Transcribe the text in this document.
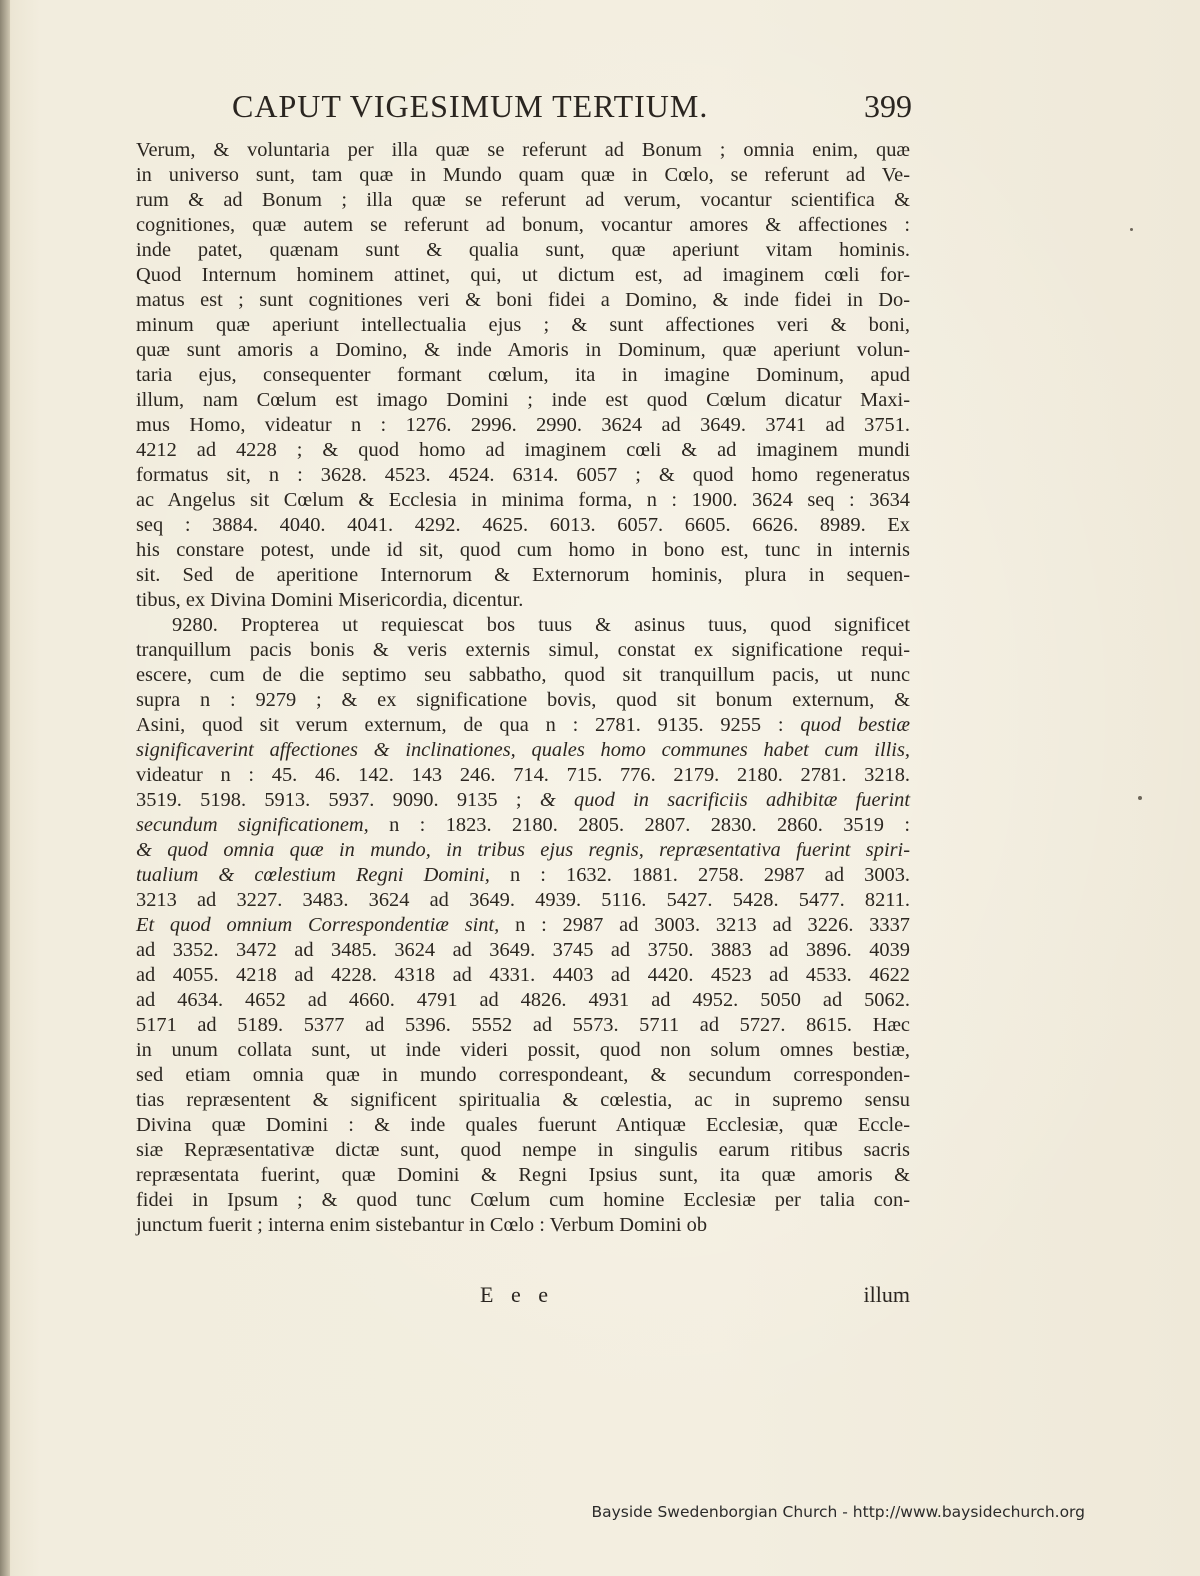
CAPUT VIGESIMUM TERTIUM.	399
Verum, & voluntaria per illa quæ se referunt ad Bonum ; omnia enim, quæ
in universo sunt, tam quæ in Mundo quam quæ in Cœlo, se referunt ad Ve-
rum & ad Bonum ; illa quæ se referunt ad verum, vocantur scientifica &
cognitiones, quæ autem se referunt ad bonum, vocantur amores & affectiones :
inde patet, quænam sunt & qualia sunt, quæ aperiunt vitam hominis.
Quod Internum hominem attinet, qui, ut dictum est, ad imaginem cœli for-
matus est ; sunt cognitiones veri & boni fidei a Domino, & inde fidei in Do-
minum quæ aperiunt intellectualia ejus ; & sunt affectiones veri & boni,
quæ sunt amoris a Domino, & inde Amoris in Dominum, quæ aperiunt volun-
taria ejus, consequenter formant cœlum, ita in imagine Dominum, apud
illum, nam Cœlum est imago Domini ; inde est quod Cœlum dicatur Maxi-
mus Homo, videatur n : 1276. 2996. 2990. 3624 ad 3649. 3741 ad 3751.
4212 ad 4228 ; & quod homo ad imaginem cœli & ad imaginem mundi
formatus sit, n : 3628. 4523. 4524. 6314. 6057 ; & quod homo regeneratus
ac Angelus sit Cœlum & Ecclesia in minima forma, n : 1900. 3624 seq : 3634
seq : 3884. 4040. 4041. 4292. 4625. 6013. 6057. 6605. 6626. 8989. Ex
his constare potest, unde id sit, quod cum homo in bono est, tunc in internis
sit. Sed de aperitione Internorum & Externorum hominis, plura in sequen-
tibus, ex Divina Domini Misericordia, dicentur.
9280. Propterea ut requiescat bos tuus & asinus tuus, quod significet
tranquillum pacis bonis & veris externis simul, constat ex significatione requi-
escere, cum de die septimo seu sabbatho, quod sit tranquillum pacis, ut nunc
supra n : 9279 ; & ex significatione bovis, quod sit bonum externum, &
Asini, quod sit verum externum, de qua n : 2781. 9135. 9255 : quod bestiæ
significaverint affectiones & inclinationes, quales homo communes habet cum illis,
videatur n : 45. 46. 142. 143 246. 714. 715. 776. 2179. 2180. 2781. 3218.
3519. 5198. 5913. 5937. 9090. 9135 ; & quod in sacrificiis adhibitæ fuerint
secundum significationem, n : 1823. 2180. 2805. 2807. 2830. 2860. 3519 :
& quod omnia quæ in mundo, in tribus ejus regnis, repræsentativa fuerint spiri-
tualium & cœlestium Regni Domini, n : 1632. 1881. 2758. 2987 ad 3003.
3213 ad 3227. 3483. 3624 ad 3649. 4939. 5116. 5427. 5428. 5477. 8211.
Et quod omnium Correspondentiæ sint, n : 2987 ad 3003. 3213 ad 3226. 3337
ad 3352. 3472 ad 3485. 3624 ad 3649. 3745 ad 3750. 3883 ad 3896. 4039
ad 4055. 4218 ad 4228. 4318 ad 4331. 4403 ad 4420. 4523 ad 4533. 4622
ad 4634. 4652 ad 4660. 4791 ad 4826. 4931 ad 4952. 5050 ad 5062.
5171 ad 5189. 5377 ad 5396. 5552 ad 5573. 5711 ad 5727. 8615. Hæc
in unum collata sunt, ut inde videri possit, quod non solum omnes bestiæ,
sed etiam omnia quæ in mundo correspondeant, & secundum corresponden-
tias repræsentent & significent spiritualia & cœlestia, ac in supremo sensu
Divina quæ Domini : & inde quales fuerunt Antiquæ Ecclesiæ, quæ Eccle-
siæ Repræsentativæ dictæ sunt, quod nempe in singulis earum ritibus sacris
repræsentata fuerint, quæ Domini & Regni Ipsius sunt, ita quæ amoris &
fidei in Ipsum ; & quod tunc Cœlum cum homine Ecclesiæ per talia con-
junctum fuerit ; interna enim sistebantur in Cœlo : Verbum Domini ob
E e e	illum
Bayside Swedenborgian Church - http://www.baysidechurch.org
